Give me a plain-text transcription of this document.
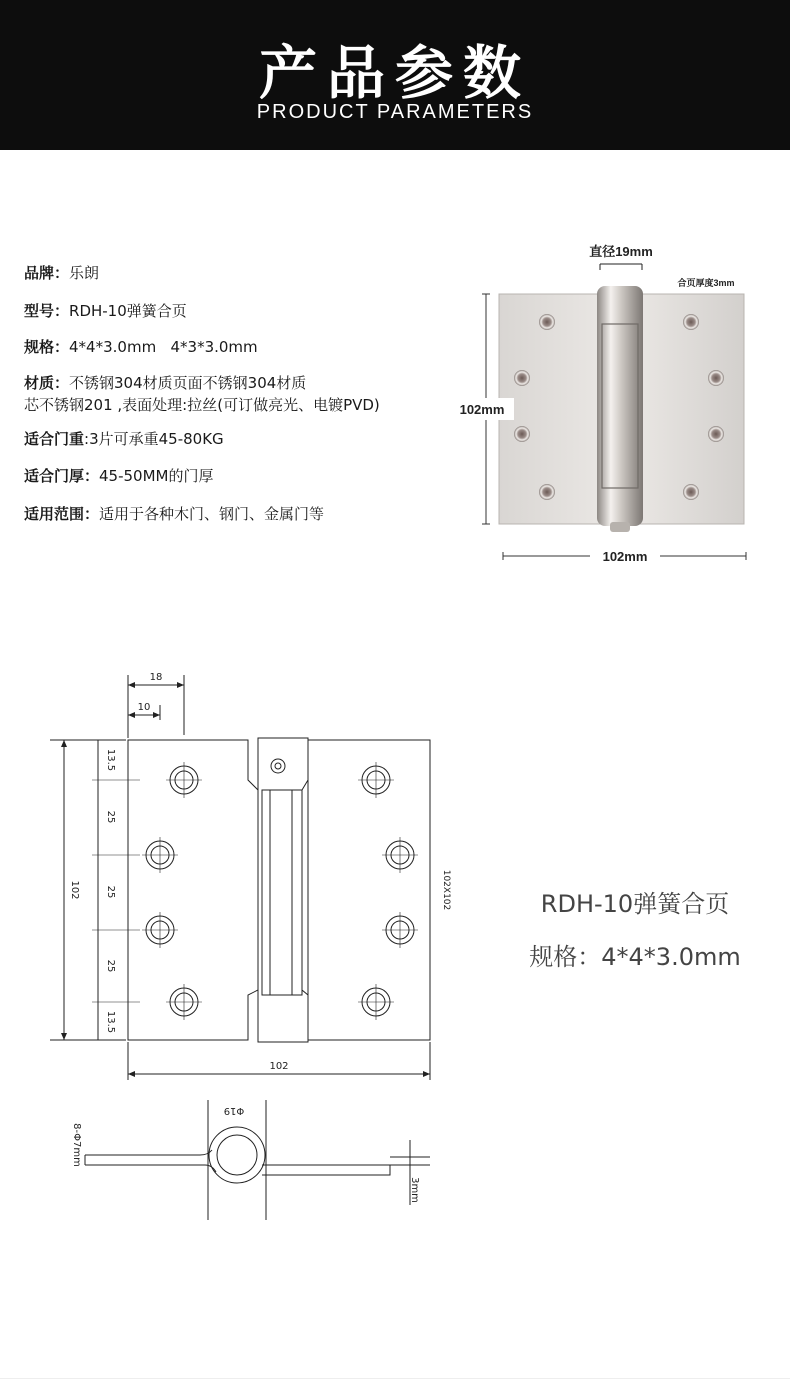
产品参数
PRODUCT PARAMETERS
品牌：乐朗
型号：RDH-10弹簧合页
规格：4*4*3.0mm   4*3*3.0mm
材质：不锈钢304材质页面不锈钢304材质
芯不锈钢201 ,表面处理:拉丝(可订做亮光、电镀PVD)
适合门重:3片可承重45-80KG
适合门厚：45-50MM的门厚
适用范围：适用于各种木门、钢门、金属门等
直径19mm
合页厚度3mm
102mm
102mm
18
10
13.5
25
25
25
13.5
102
102
102X102
Φ19
8-Φ7mm
3mm
RDH-10弹簧合页
规格：4*4*3.0mm
